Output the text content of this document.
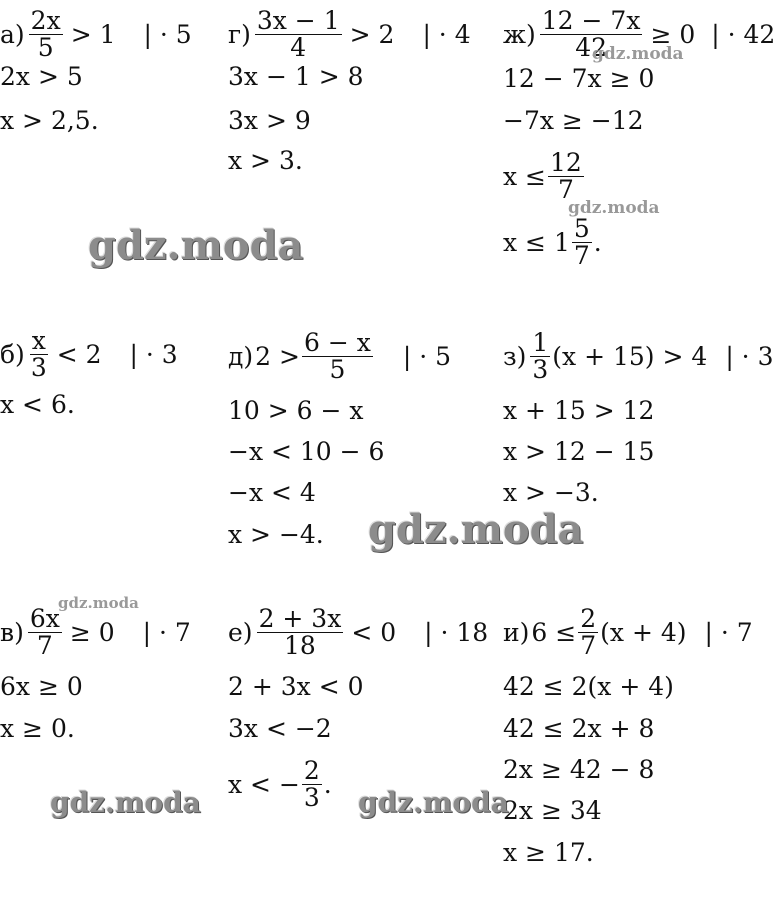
$а) \frac{2x}{5} > 1$ | · 5
2x > 5
x > 2,5.
$г) \frac{3x - 1}{4} > 2$ | · 4
3x − 1 > 8
3x > 9
x > 3.
$ж) \frac{12 - 7x}{42} \ge 0$ | · 42
12 − 7x ≥ 0
−7x ≥ −12
$x \le \frac{12}{7}$
$x \le 1 \frac{5}{7}$ .
$б) \frac{x}{3} < 2$ | · 3
x < 6.
д) $2 > \frac{6 - x}{5}$ | · 5
10 > 6 − x
−x < 10 − 6
−x < 4
x > −4.
$з) \frac{1}{3} (x + 15) > 4$ | · 3
x + 15 > 12
x > 12 − 15
x > −3.
$в) \frac{6x}{7} \ge 0$ | · 7
6x ≥ 0
x ≥ 0.
$е) \frac{2 + 3x}{18} < 0$ | · 18
2 + 3x < 0
3x < −2
x < − $\frac{2}{3}$ .
и) $6 \le \frac{2}{7} (x + 4)$ | · 7
42 ≤ 2(x + 4)
42 ≤ 2x + 8
2x ≥ 42 − 8
2x ≥ 34
x ≥ 17.
gdz.moda
gdz.moda
gdz.moda
gdz.moda
gdz.moda
gdz.moda	gdz.moda
